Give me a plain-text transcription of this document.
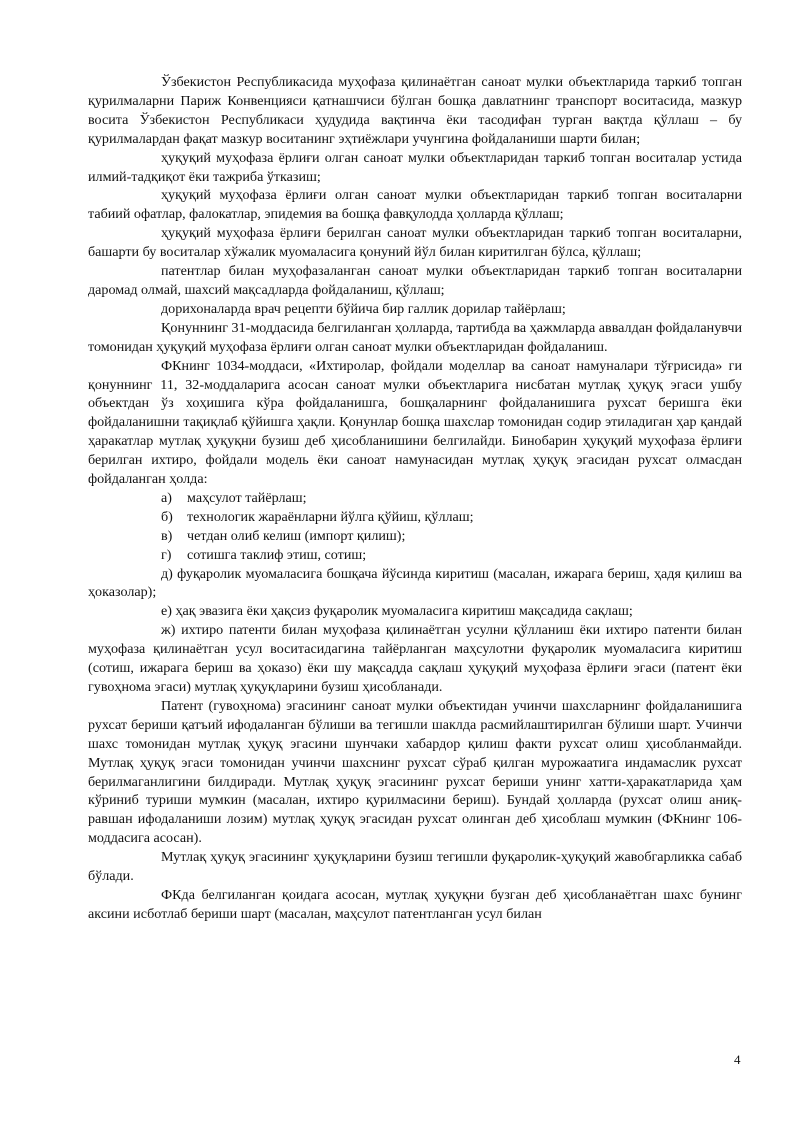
Ўзбекистон Республикасида муҳофаза қилинаётган саноат мулки объектларида таркиб топган қурилмаларни Париж Конвенцияси қатнашчиси бўлган бошқа давлатнинг транспорт воситасида, мазкур восита Ўзбекистон Республикаси ҳудудида вақтинча ёки тасодифан турган вақтда қўллаш – бу қурилмалардан фақат мазкур воситанинг эҳтиёжлари учунгина фойдаланиши шарти билан;

ҳуқуқий муҳофаза ёрлиғи олган саноат мулки объектларидан таркиб топган воситалар устида илмий-тадқиқот ёки тажриба ўтказиш;

ҳуқуқий муҳофаза ёрлиғи олган саноат мулки объектларидан таркиб топган воситаларни табиий офатлар, фалокатлар, эпидемия ва бошқа фавқулодда ҳолларда қўллаш;

ҳуқуқий муҳофаза ёрлиғи берилган саноат мулки объектларидан таркиб топган воситаларни, башарти бу воситалар хўжалик муомаласига қонуний йўл билан киритилган бўлса, қўллаш;

патентлар билан муҳофазаланган саноат мулки объектларидан таркиб топган воситаларни даромад олмай, шахсий мақсадларда фойдаланиш, қўллаш;

дорихоналарда врач рецепти бўйича бир галлик дорилар тайёрлаш;

Қонуннинг 31-моддасида белгиланган ҳолларда, тартибда ва ҳажмларда аввалдан фойдаланувчи томонидан ҳуқуқий муҳофаза ёрлиғи олган саноат мулки объектларидан фойдаланиш.

ФКнинг 1034-моддаси, «Ихтиролар, фойдали моделлар ва саноат намуналари тўғрисида» ги қонуннинг 11, 32-моддаларига асосан саноат мулки объектларига нисбатан мутлақ ҳуқуқ эгаси ушбу объектдан ўз хоҳишига кўра фойдаланишга, бошқаларнинг фойдаланишига рухсат беришга ёки фойдаланишни тақиқлаб қўйишга ҳақли. Қонунлар бошқа шахслар томонидан содир этиладиган ҳар қандай ҳаракатлар мутлақ ҳуқуқни бузиш деб ҳисобланишини белгилайди. Бинобарин ҳуқуқий муҳофаза ёрлиғи берилган ихтиро, фойдали модель ёки саноат намунасидан мутлақ ҳуқуқ эгасидан рухсат олмасдан фойдаланган ҳолда:

а) маҳсулот тайёрлаш;

б) технологик жараёнларни йўлга қўйиш, қўллаш;

в) четдан олиб келиш (импорт қилиш);

г) сотишга таклиф этиш, сотиш;

д) фуқаролик муомаласига бошқача йўсинда киритиш (масалан, ижарага бериш, ҳадя қилиш ва ҳоказолар);

е) ҳақ эвазига ёки ҳақсиз фуқаролик муомаласига киритиш мақсадида сақлаш;

ж) ихтиро патенти билан муҳофаза қилинаётган усулни қўлланиш ёки ихтиро патенти билан муҳофаза қилинаётган усул воситасидагина тайёрланган маҳсулотни фуқаролик муомаласига киритиш (сотиш, ижарага бериш ва ҳоказо) ёки шу мақсадда сақлаш ҳуқуқий муҳофаза ёрлиғи эгаси (патент ёки гувоҳнома эгаси) мутлақ ҳуқуқларини бузиш ҳисобланади.

Патент (гувоҳнома) эгасининг саноат мулки объектидан учинчи шахсларнинг фойдаланишига рухсат бериши қатъий ифодаланган бўлиши ва тегишли шаклда расмийлаштирилган бўлиши шарт. Учинчи шахс томонидан мутлақ ҳуқуқ эгасини шунчаки хабардор қилиш факти рухсат олиш ҳисобланмайди. Мутлақ ҳуқуқ эгаси томонидан учинчи шахснинг рухсат сўраб қилган мурожаатига индамаслик рухсат берилмаганлигини билдиради. Мутлақ ҳуқуқ эгасининг рухсат бериши унинг хатти-ҳаракатларида ҳам кўриниб туриши мумкин (масалан, ихтиро қурилмасини бериш). Бундай ҳолларда (рухсат олиш аниқ-равшан ифодаланиши лозим) мутлақ ҳуқуқ эгасидан рухсат олинган деб ҳисоблаш мумкин (ФКнинг 106-моддасига асосан).

Мутлақ ҳуқуқ эгасининг ҳуқуқларини бузиш тегишли фуқаролик-ҳуқуқий жавобгарликка сабаб бўлади.

ФКда белгиланган қоидага асосан, мутлақ ҳуқуқни бузган деб ҳисобланаётган шахс бунинг аксини исботлаб бериши шарт (масалан, маҳсулот патентланган усул билан

4
